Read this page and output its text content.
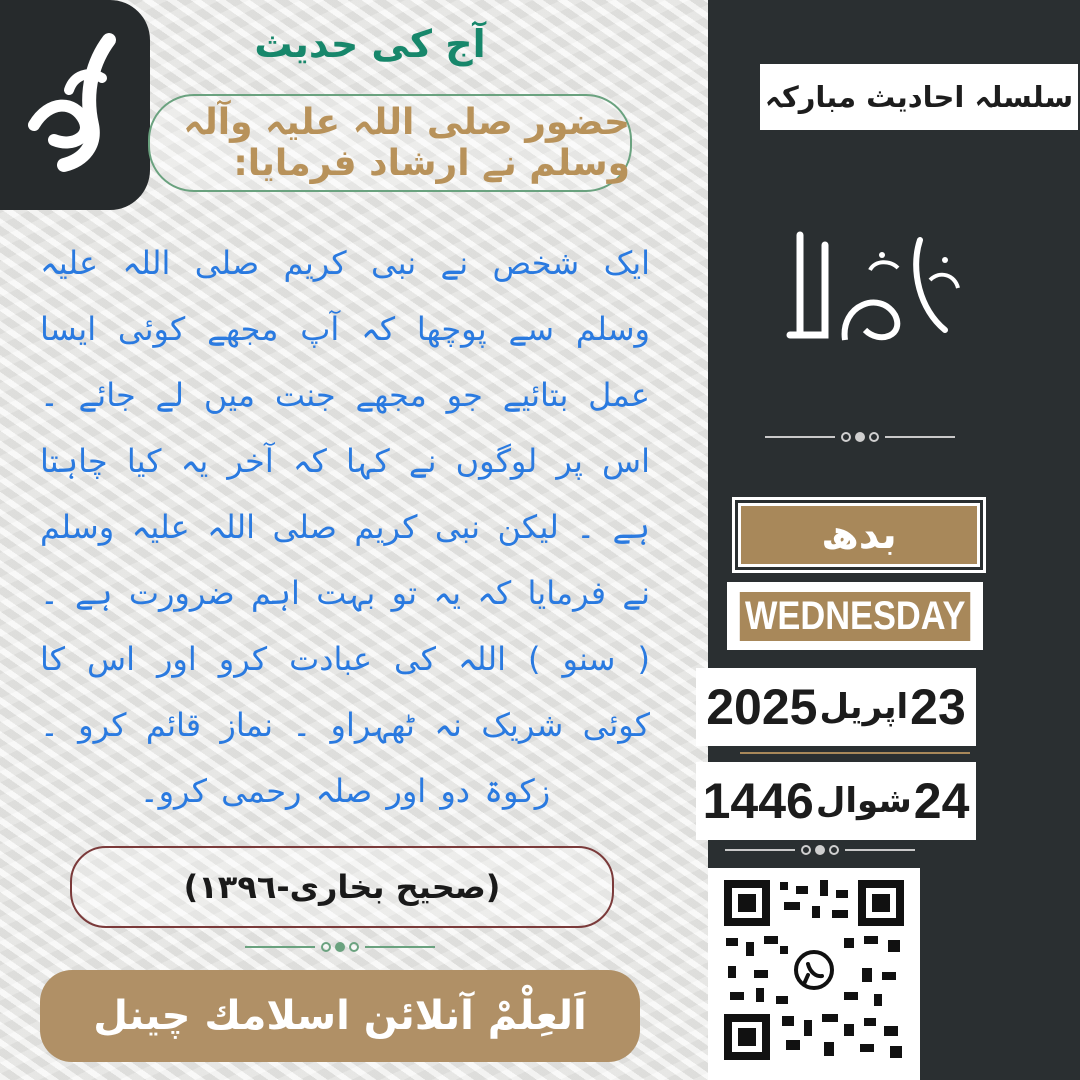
سلسلہ احادیث مبارکہ
بدھ
WEDNESDAY
2025 اپریل 23
1446 شوال 24
آج کی حدیث
حضور صلی اللہ علیہ وآلہ وسلم نے ارشاد فرمایا:
ایک شخص نے نبی کریم صلی اللہ علیہ وسلم سے پوچھا کہ آپ مجھے کوئی ایسا عمل بتائیے جو مجھے جنت میں لے جائے ۔ اس پر لوگوں نے کہا کہ آخر یہ کیا چاہتا ہے ۔ لیکن نبی کریم صلی اللہ علیہ وسلم نے فرمایا کہ یہ تو بہت اہم ضرورت ہے ۔ ( سنو ) اللہ کی عبادت کرو اور اس کا کوئی شریک نہ ٹھہراو ۔ نماز قائم کرو ۔ زکوۃ دو اور صلہ رحمی کرو۔
(صحیح بخاری-١٣٩٦)
اَلعِلْمْ آنلائن اسلامك چینل
